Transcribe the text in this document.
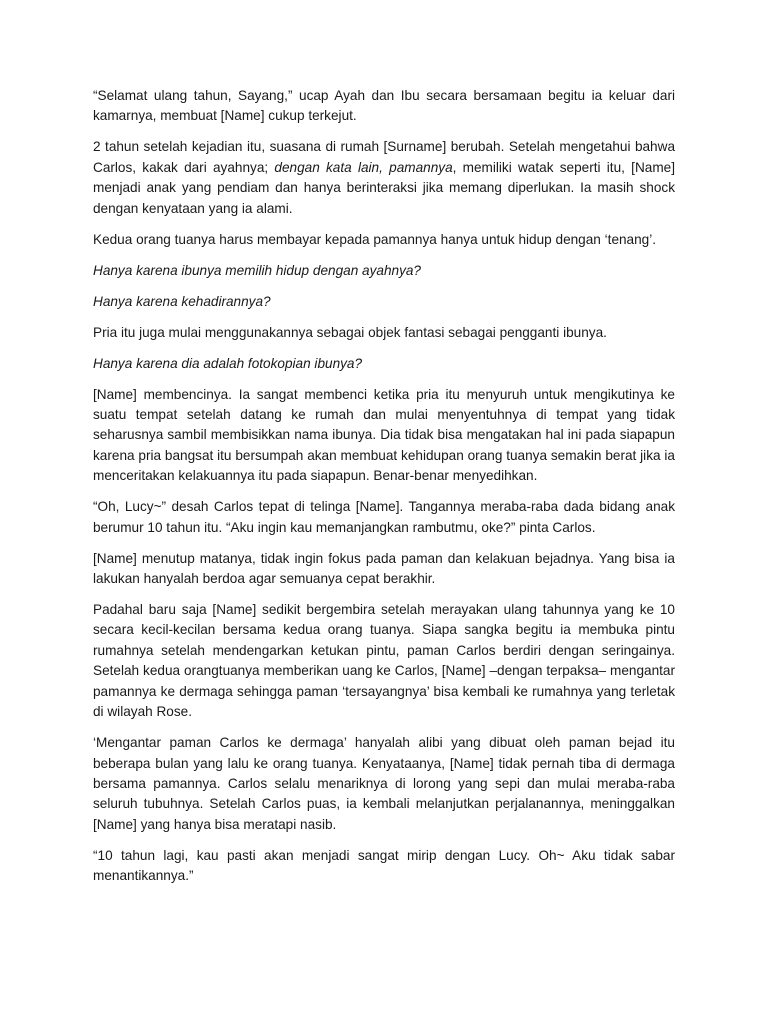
“Selamat ulang tahun, Sayang,” ucap Ayah dan Ibu secara bersamaan begitu ia keluar dari kamarnya, membuat [Name] cukup terkejut.

2 tahun setelah kejadian itu, suasana di rumah [Surname] berubah. Setelah mengetahui bahwa Carlos, kakak dari ayahnya; dengan kata lain, pamannya, memiliki watak seperti itu, [Name] menjadi anak yang pendiam dan hanya berinteraksi jika memang diperlukan. Ia masih shock dengan kenyataan yang ia alami.

Kedua orang tuanya harus membayar kepada pamannya hanya untuk hidup dengan ‘tenang’.

Hanya karena ibunya memilih hidup dengan ayahnya?

Hanya karena kehadirannya?

Pria itu juga mulai menggunakannya sebagai objek fantasi sebagai pengganti ibunya.

Hanya karena dia adalah fotokopian ibunya?

[Name] membencinya. Ia sangat membenci ketika pria itu menyuruh untuk mengikutinya ke suatu tempat setelah datang ke rumah dan mulai menyentuhnya di tempat yang tidak seharusnya sambil membisikkan nama ibunya. Dia tidak bisa mengatakan hal ini pada siapapun karena pria bangsat itu bersumpah akan membuat kehidupan orang tuanya semakin berat jika ia menceritakan kelakuannya itu pada siapapun. Benar-benar menyedihkan.

“Oh, Lucy~” desah Carlos tepat di telinga [Name]. Tangannya meraba-raba dada bidang anak berumur 10 tahun itu. “Aku ingin kau memanjangkan rambutmu, oke?” pinta Carlos.

[Name] menutup matanya, tidak ingin fokus pada paman dan kelakuan bejadnya. Yang bisa ia lakukan hanyalah berdoa agar semuanya cepat berakhir.

Padahal baru saja [Name] sedikit bergembira setelah merayakan ulang tahunnya yang ke 10 secara kecil-kecilan bersama kedua orang tuanya. Siapa sangka begitu ia membuka pintu rumahnya setelah mendengarkan ketukan pintu, paman Carlos berdiri dengan seringainya. Setelah kedua orangtuanya memberikan uang ke Carlos, [Name] –dengan terpaksa– mengantar pamannya ke dermaga sehingga paman ‘tersayangnya’ bisa kembali ke rumahnya yang terletak di wilayah Rose.

‘Mengantar paman Carlos ke dermaga’ hanyalah alibi yang dibuat oleh paman bejad itu beberapa bulan yang lalu ke orang tuanya. Kenyataanya, [Name] tidak pernah tiba di dermaga bersama pamannya. Carlos selalu menariknya di lorong yang sepi dan mulai meraba-raba seluruh tubuhnya. Setelah Carlos puas, ia kembali melanjutkan perjalanannya, meninggalkan [Name] yang hanya bisa meratapi nasib.

“10 tahun lagi, kau pasti akan menjadi sangat mirip dengan Lucy. Oh~ Aku tidak sabar menantikannya.”
